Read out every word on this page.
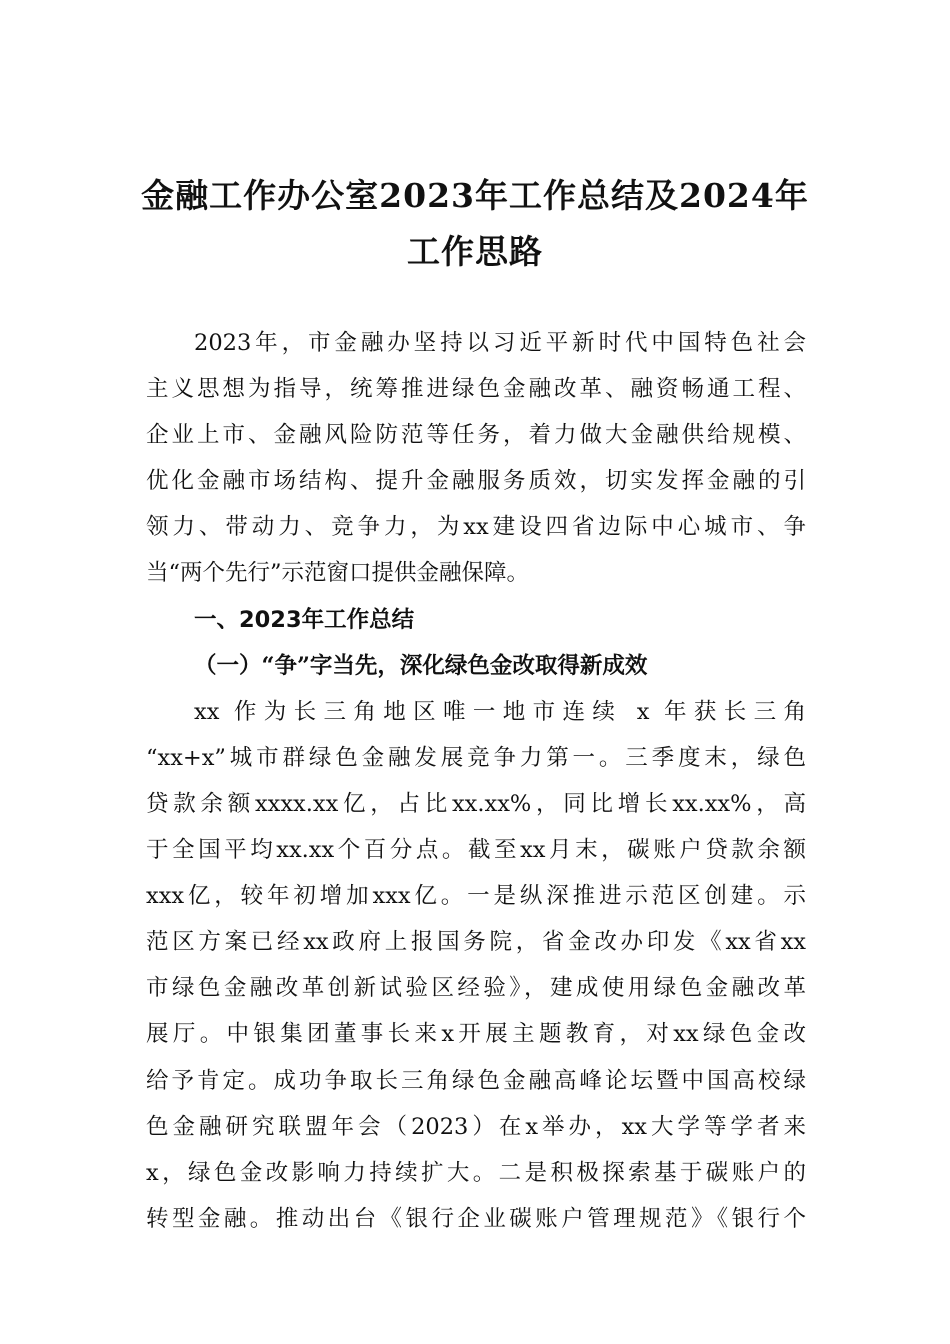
金融工作办公室2023年工作总结及2024年
工作思路
2023年，市金融办坚持以习近平新时代中国特色社会
主义思想为指导，统筹推进绿色金融改革、融资畅通工程、
企业上市、金融风险防范等任务，着力做大金融供给规模、
优化金融市场结构、提升金融服务质效，切实发挥金融的引
领力、带动力、竞争力，为xx建设四省边际中心城市、争
当“两个先行”示范窗口提供金融保障。
一、2023年工作总结
（一）“争”字当先，深化绿色金改取得新成效
xx 作为长三角地区唯一地市连续 x 年获长三角
“xx+x”城市群绿色金融发展竞争力第一。三季度末，绿色
贷款余额xxxx.xx亿，占比xx.xx%，同比增长xx.xx%，高
于全国平均xx.xx个百分点。截至xx月末，碳账户贷款余额
xxx亿，较年初增加xxx亿。一是纵深推进示范区创建。示
范区方案已经xx政府上报国务院，省金改办印发《xx省xx
市绿色金融改革创新试验区经验》，建成使用绿色金融改革
展厅。中银集团董事长来x开展主题教育，对xx绿色金改
给予肯定。成功争取长三角绿色金融高峰论坛暨中国高校绿
色金融研究联盟年会（2023）在x举办，xx大学等学者来
x，绿色金改影响力持续扩大。二是积极探索基于碳账户的
转型金融。推动出台《银行企业碳账户管理规范》《银行个
